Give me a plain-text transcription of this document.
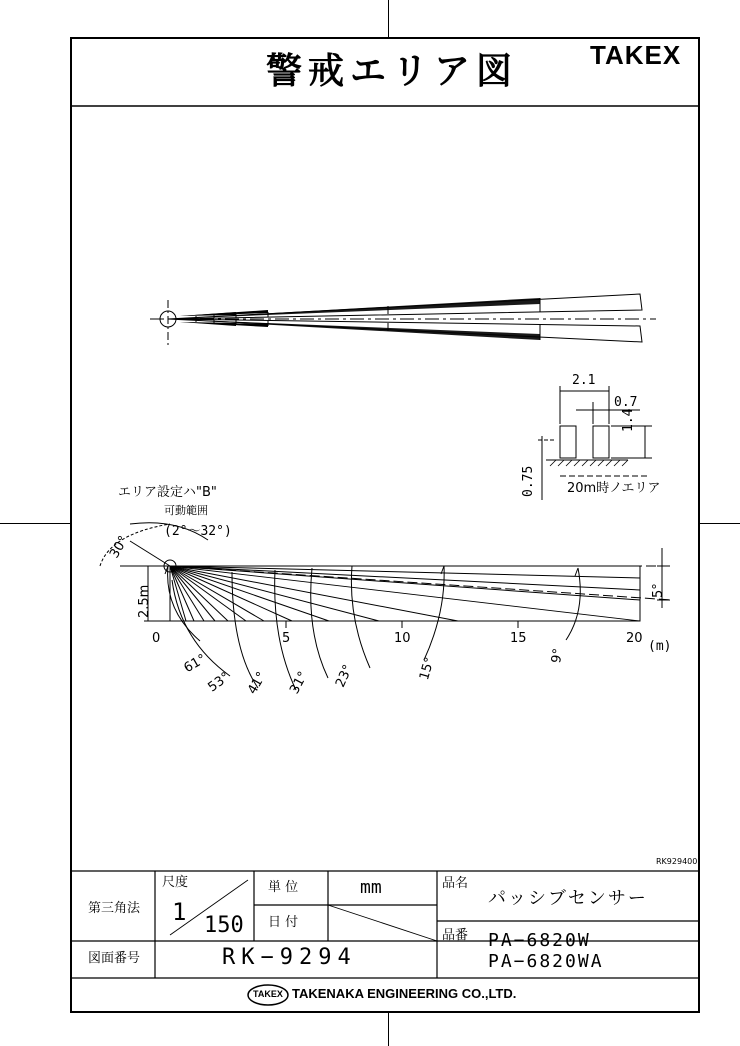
警戒エリア図	TAKEX
2.1
0.7
1.4
0.75 20m時ノエリア
エリア設定ハ"B"
可動範囲
(2°〜32°)
30°
2.5m
0	5	10	15	20
(m)
61°
53° 41° 31° 23°	15°	9°
5°
RK929400
第三角法
尺度
1 150
単 位	mm
日 付
品名
パッシブセンサー
品番 PA−6820W
PA−6820WA
図面番号	RK−9294
TAKEX TAKENAKA ENGINEERING CO.,LTD.
